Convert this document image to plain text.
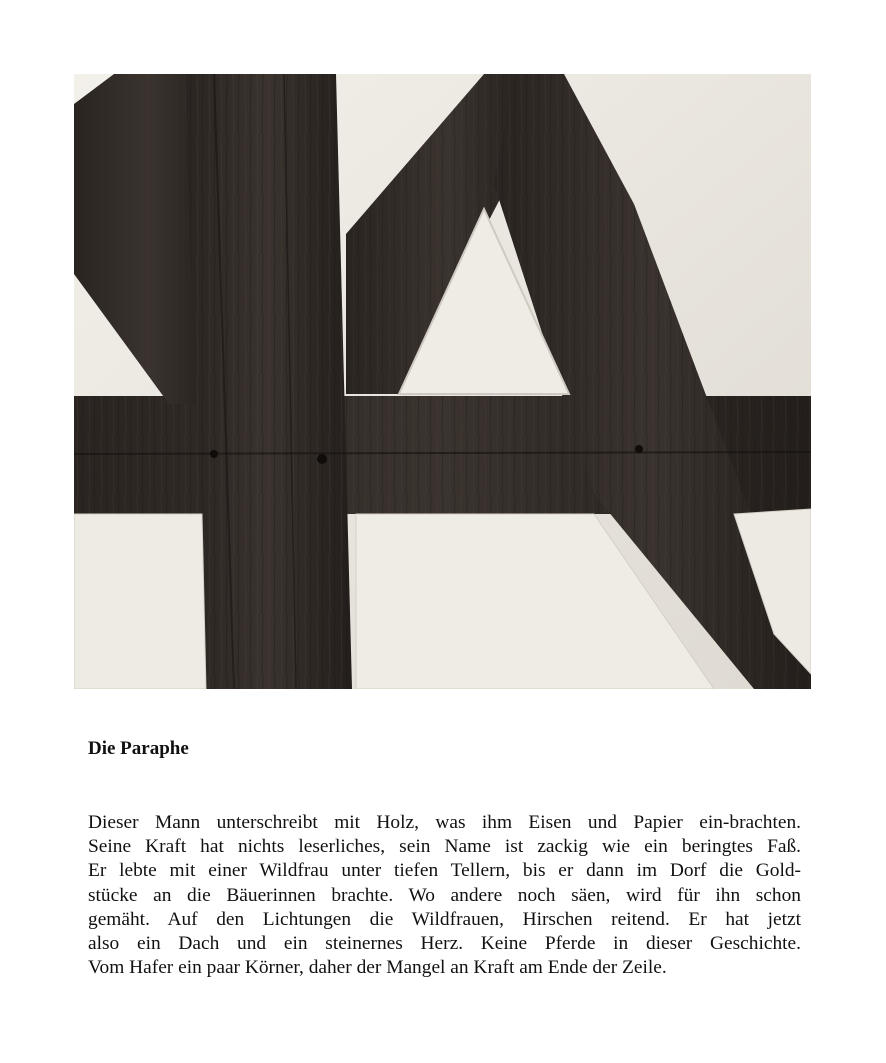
Die Paraphe

Dieser Mann unterschreibt mit Holz, was ihm Eisen und Papier ein-brachten.
Seine Kraft hat nichts leserliches, sein Name ist zackig wie ein beringtes Faß.
Er lebte mit einer Wildfrau unter tiefen Tellern, bis er dann im Dorf die Gold-
stücke an die Bäuerinnen brachte. Wo andere noch säen, wird für ihn schon
gemäht. Auf den Lichtungen die Wildfrauen, Hirschen reitend. Er hat jetzt
also ein Dach und ein steinernes Herz. Keine Pferde in dieser Geschichte.
Vom Hafer ein paar Körner, daher der Mangel an Kraft am Ende der Zeile.
